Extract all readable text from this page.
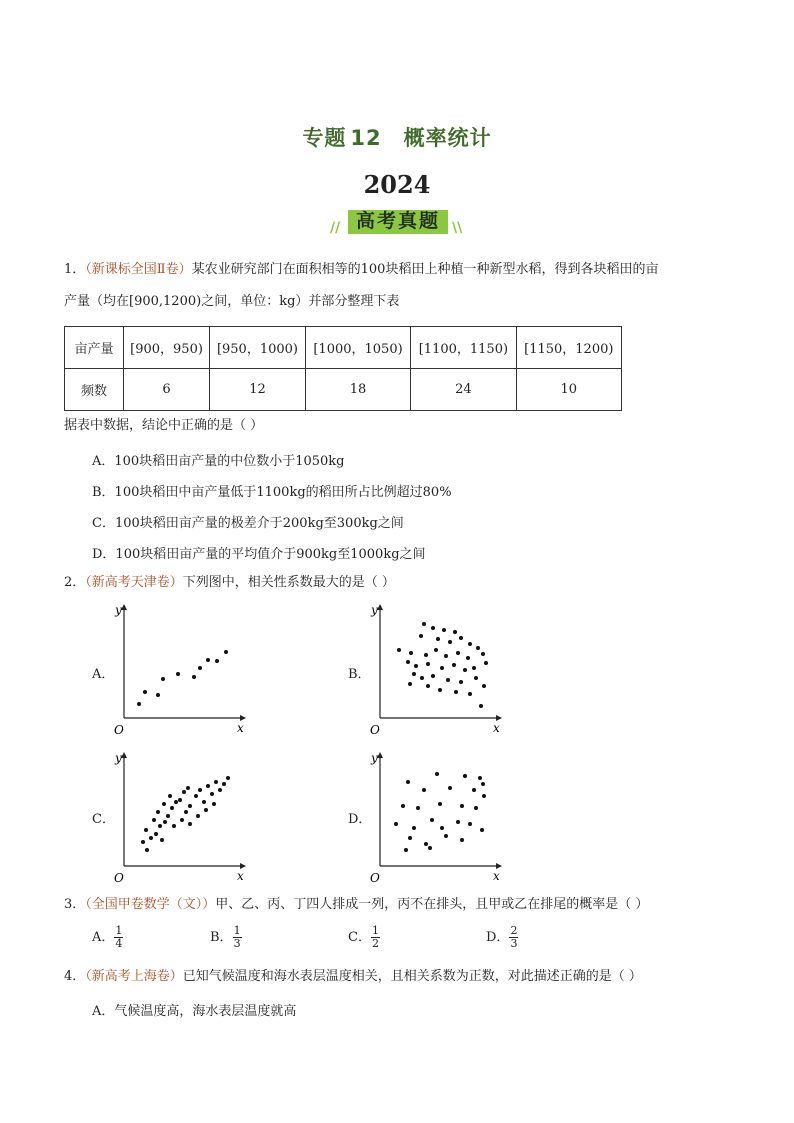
专题 12 概率统计
2024
//	\\
高考真题
1．（新课标全国Ⅱ卷）某农业研究部门在面积相等的100块稻田上种植一种新型水稻，得到各块稻田的亩
产量（均在[900,1200)之间，单位：kg）并部分整理下表
亩产量	[900，950)	[950，1000)	[1000，1050)	[1100，1150)	[1150，1200)
频数	6	12	18	24	10
据表中数据，结论中正确的是（ ）
A．100块稻田亩产量的中位数小于1050kg
B．100块稻田中亩产量低于1100kg的稻田所占比例超过80%
C．100块稻田亩产量的极差介于200kg至300kg之间
D．100块稻田亩产量的平均值介于900kg至1000kg之间
2．（新高考天津卷）下列图中，相关性系数最大的是（ ）
A．	B．
C．	D．
O	x
y
O	x
y
O	x
y
O	x
y
3．（全国甲卷数学（文））甲、乙、丙、丁四人排成一列，丙不在排头，且甲或乙在排尾的概率是（ ）
A． $\frac{1}{4}$	B． $\frac{1}{3}$	C． $\frac{1}{2}$	D． $\frac{2}{3}$
4．（新高考上海卷）已知气候温度和海水表层温度相关，且相关系数为正数，对此描述正确的是（ ）
A．气候温度高，海水表层温度就高
